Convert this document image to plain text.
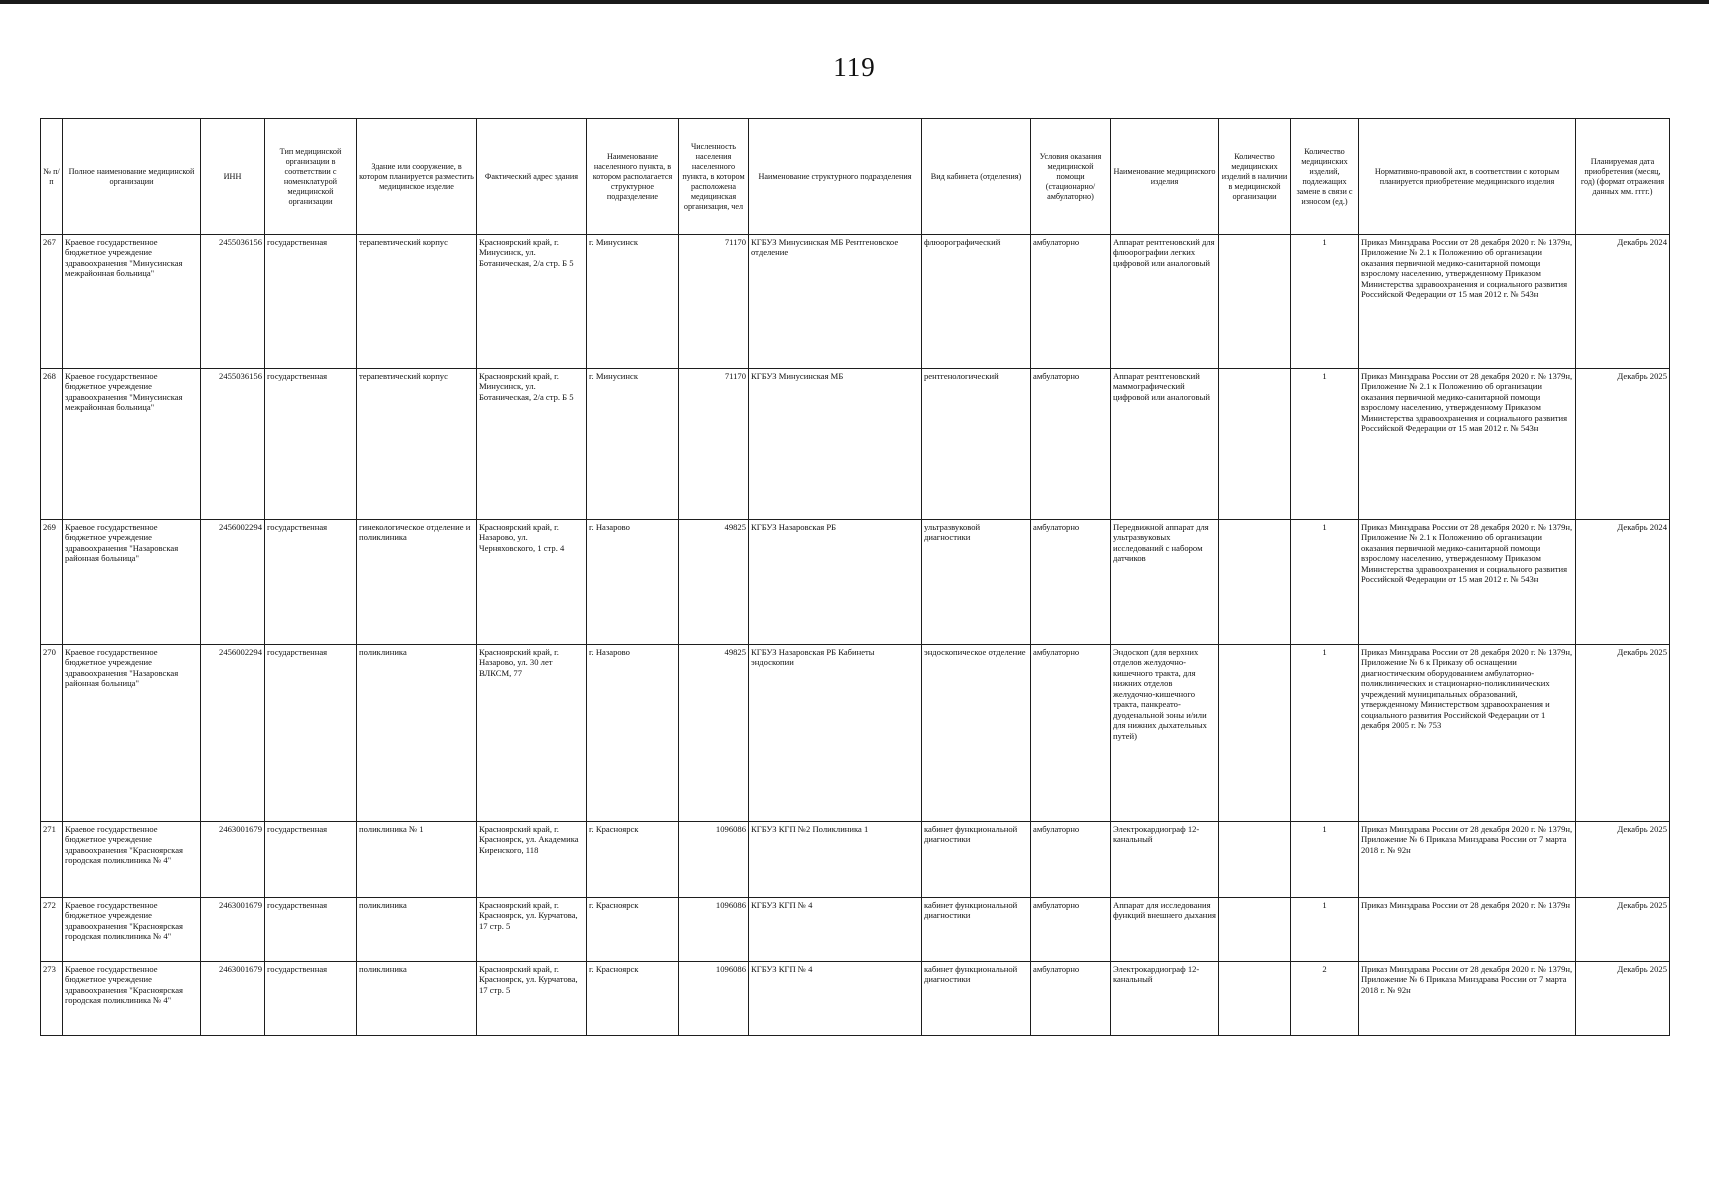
119
№ п/п	Полное наименование медицинской организации	ИНН	Тип медицинской организации в соответствии с номенклатурой медицинской организации	Здание или сооружение, в котором планируется разместить медицинское изделие	Фактический адрес здания	Наименование населенного пункта, в котором располагается структурное подразделение	Численность населения населенного пункта, в котором расположена медицинская организация, чел	Наименование структурного подразделения	Вид кабинета (отделения)	Условия оказания медицинской помощи (стационарно/ амбулаторно)	Наименование медицинского изделия	Количество медицинских изделий в наличии в медицинской организации	Количество медицинских изделий, подлежащих замене в связи с износом (ед.)	Нормативно-правовой акт, в соответствии с которым планируется приобретение медицинского изделия	Планируемая дата приобретения (месяц, год) (формат отражения данных мм. гггг.)
267	Краевое государственное бюджетное учреждение здравоохранения "Минусинская межрайонная больница"	2455036156	государственная	терапевтический корпус	Красноярский край, г. Минусинск, ул. Ботаническая, 2/а стр. Б 5	г. Минусинск	71170	КГБУЗ Минусинская МБ Рентгеновское отделение	флюорографический	амбулаторно	Аппарат рентгеновский для флюорографии легких цифровой или аналоговый		1	Приказ Минздрава России от 28 декабря 2020 г. № 1379н, Приложение № 2.1 к Положению об организации оказания первичной медико-санитарной помощи взрослому населению, утвержденному Приказом Министерства здравоохранения и социального развития Российской Федерации от 15 мая 2012 г. № 543н	Декабрь 2024
268	Краевое государственное бюджетное учреждение здравоохранения "Минусинская межрайонная больница"	2455036156	государственная	терапевтический корпус	Красноярский край, г. Минусинск, ул. Ботаническая, 2/а стр. Б 5	г. Минусинск	71170	КГБУЗ Минусинская МБ	рентгенологический	амбулаторно	Аппарат рентгеновский маммографический цифровой или аналоговый		1	Приказ Минздрава России от 28 декабря 2020 г. № 1379н, Приложение № 2.1 к Положению об организации оказания первичной медико-санитарной помощи взрослому населению, утвержденному Приказом Министерства здравоохранения и социального развития Российской Федерации от 15 мая 2012 г. № 543н	Декабрь 2025
269	Краевое государственное бюджетное учреждение здравоохранения "Назаровская районная больница"	2456002294	государственная	гинекологическое отделение и поликлиника	Красноярский край, г. Назарово, ул. Черняховского, 1 стр. 4	г. Назарово	49825	КГБУЗ Назаровская РБ	ультразвуковой диагностики	амбулаторно	Передвижной аппарат для ультразвуковых исследований с набором датчиков		1	Приказ Минздрава России от 28 декабря 2020 г. № 1379н, Приложение № 2.1 к Положению об организации оказания первичной медико-санитарной помощи взрослому населению, утвержденному Приказом Министерства здравоохранения и социального развития Российской Федерации от 15 мая 2012 г. № 543н	Декабрь 2024
270	Краевое государственное бюджетное учреждение здравоохранения "Назаровская районная больница"	2456002294	государственная	поликлиника	Красноярский край, г. Назарово, ул. 30 лет ВЛКСМ, 77	г. Назарово	49825	КГБУЗ Назаровская РБ Кабинеты эндоскопии	эндоскопическое отделение	амбулаторно	Эндоскоп (для верхних отделов желудочно-кишечного тракта, для нижних отделов желудочно-кишечного тракта, панкреато-дуоденальной зоны и/или для нижних дыхательных путей)		1	Приказ Минздрава России от 28 декабря 2020 г. № 1379н, Приложение № 6 к Приказу об оснащении диагностическим оборудованием амбулаторно-поликлинических и стационарно-поликлинических учреждений муниципальных образований, утвержденному Министерством здравоохранения и социального развития Российской Федерации от 1 декабря 2005 г. № 753	Декабрь 2025
271	Краевое государственное бюджетное учреждение здравоохранения "Красноярская городская поликлиника № 4"	2463001679	государственная	поликлиника № 1	Красноярский край, г. Красноярск, ул. Академика Киренского, 118	г. Красноярск	1096086	КГБУЗ КГП №2 Поликлиника 1	кабинет функциональной диагностики	амбулаторно	Электрокардиограф 12-канальный		1	Приказ Минздрава России от 28 декабря 2020 г. № 1379н, Приложение № 6 Приказа Минздрава России от 7 марта 2018 г. № 92н	Декабрь 2025
272	Краевое государственное бюджетное учреждение здравоохранения "Красноярская городская поликлиника № 4"	2463001679	государственная	поликлиника	Красноярский край, г. Красноярск, ул. Курчатова, 17 стр. 5	г. Красноярск	1096086	КГБУЗ КГП № 4	кабинет функциональной диагностики	амбулаторно	Аппарат для исследования функций внешнего дыхания		1	Приказ Минздрава России от 28 декабря 2020 г. № 1379н	Декабрь 2025
273	Краевое государственное бюджетное учреждение здравоохранения "Красноярская городская поликлиника № 4"	2463001679	государственная	поликлиника	Красноярский край, г. Красноярск, ул. Курчатова, 17 стр. 5	г. Красноярск	1096086	КГБУЗ КГП № 4	кабинет функциональной диагностики	амбулаторно	Электрокардиограф 12-канальный		2	Приказ Минздрава России от 28 декабря 2020 г. № 1379н, Приложение № 6 Приказа Минздрава России от 7 марта 2018 г. № 92н	Декабрь 2025
